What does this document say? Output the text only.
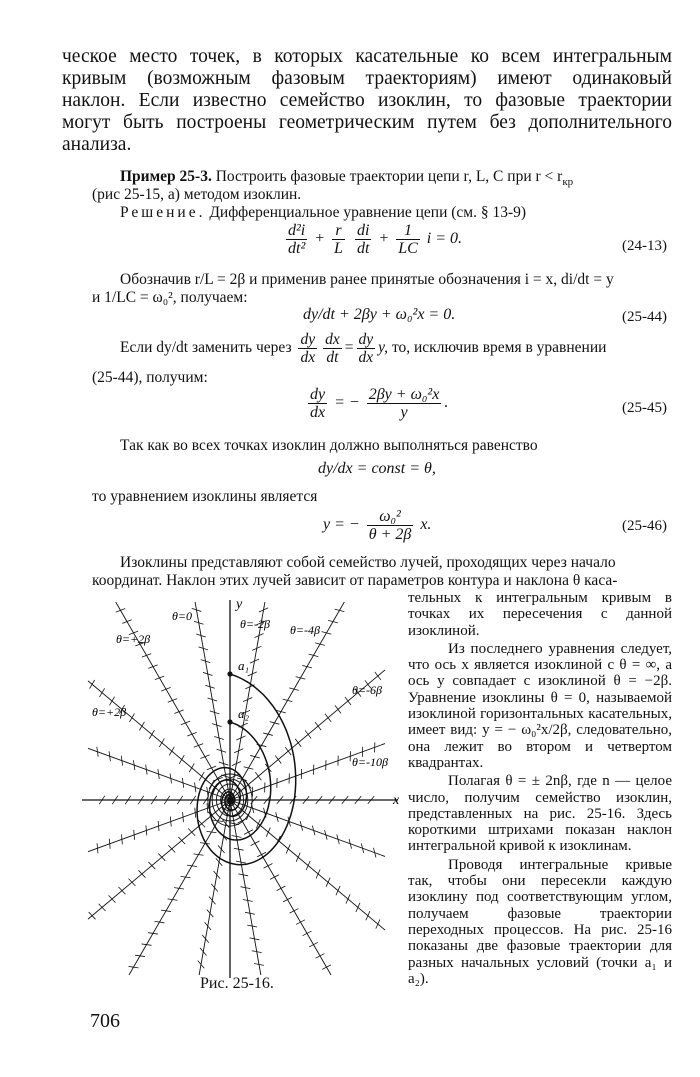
ческое место точек, в которых касательные ко всем интегральным
кривым (возможным фазовым траекториям) имеют одинаковый
наклон. Если известно семейство изоклин, то фазовые траектории
могут быть построены геометрическим путем без дополнительного
анализа.
Пример 25-3. Построить фазовые траектории цепи r, L, C при $r < r_{кр}$
(рис 25-15, а) методом изоклин.
Решение. Дифференциальное уравнение цепи (см. § 13-9)
$\frac{\text{d²i}}{\text{dt²}} + \frac{r}{L}$
$\frac{di}{dt} + \frac{1}{LC}$ i = 0.	(24-13)
Обозначив r/L = 2β и применив ранее принятые обозначения i = x, di/dt = y
и 1/LC = ω₀², получаем:
dy/dt + 2βy + ω₀²x = 0.	(25-44)
Если dy/dt заменить через $\frac{dy}{dx} \frac{dx}{dt} = \frac{dy}{dx} y$, то, исключив время в уравнении
(25-44), получим:
$\frac{dy}{dx}$ = − $\frac{\text{2βy + ω₀²x}}{y}$ .	(25-45)
Так как во всех точках изоклин должно выполняться равенство
dy/dx = const = θ,
то уравнением изоклины является
y = − $\frac{\text{ω₀²}}{\theta + 2\beta} x$.	(25-46)
Изоклины представляют собой семейство лучей, проходящих через начало
координат. Наклон этих лучей зависит от параметров контура и наклона θ каса-
тельных к интегральным кривым в точках их пересечения с данной изоклиной.
Из последнего уравнения следует, что ось x является изоклиной с θ = ∞, а ось y совпадает с изоклиной θ = −2β. Уравнение изоклины θ = 0, называемой изоклиной горизонтальных касательных, имеет вид: y = − ω₀²x/2β, следовательно, она лежит во втором и четвертом квадрантах.
Полагая θ = ± 2nβ, где n — целое число, получим семейство изоклин, представленных на рис. 25-16. Здесь короткими штрихами показан наклон интегральной кривой к изоклинам.
Проводя интегральные кривые так, чтобы они пересекли каждую изоклину под соответствующим углом, получаем фазовые траектории переходных процессов. На рис. 25-16 показаны две фазовые траектории для разных начальных условий (точки a₁ и a₂).
x
y
θ=0
θ=-2β θ=-4β
θ=+2β
θ=+2β
θ=-6β
θ=-10β
a₁
a₂
Рис. 25-16.
706
